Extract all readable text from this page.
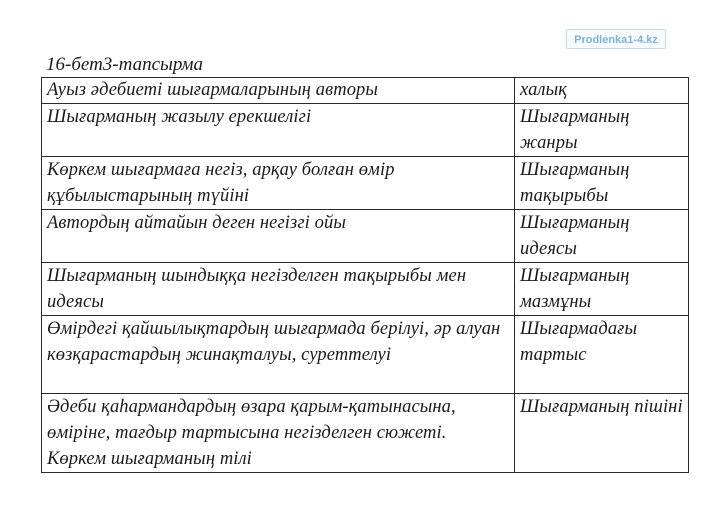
Prodlenka1-4.kz
16-бет3-тапсырма
Ауыз әдебиеті шығармаларының авторы	халық

Шығарманың жазылу ерекшелігі	Шығарманың жанры

Көркем шығармаға негіз, арқау болған өмір құбылыстарының түйіні	Шығарманың тақырыбы

Автордың айтайын деген негізгі ойы	Шығарманың идеясы

Шығарманың шындыққа негізделген тақырыбы мен идеясы	Шығарманың мазмұны

Өмірдегі қайшылықтардың шығармада берілуі, әр алуан көзқарастардың жинақталуы, суреттелуі	Шығармадағы тартыс

Әдеби қаһармандардың өзара қарым-қатынасына, өміріне, тағдыр тартысына негізделген сюжеті. Көркем шығарманың тілі	Шығарманың пішіні
